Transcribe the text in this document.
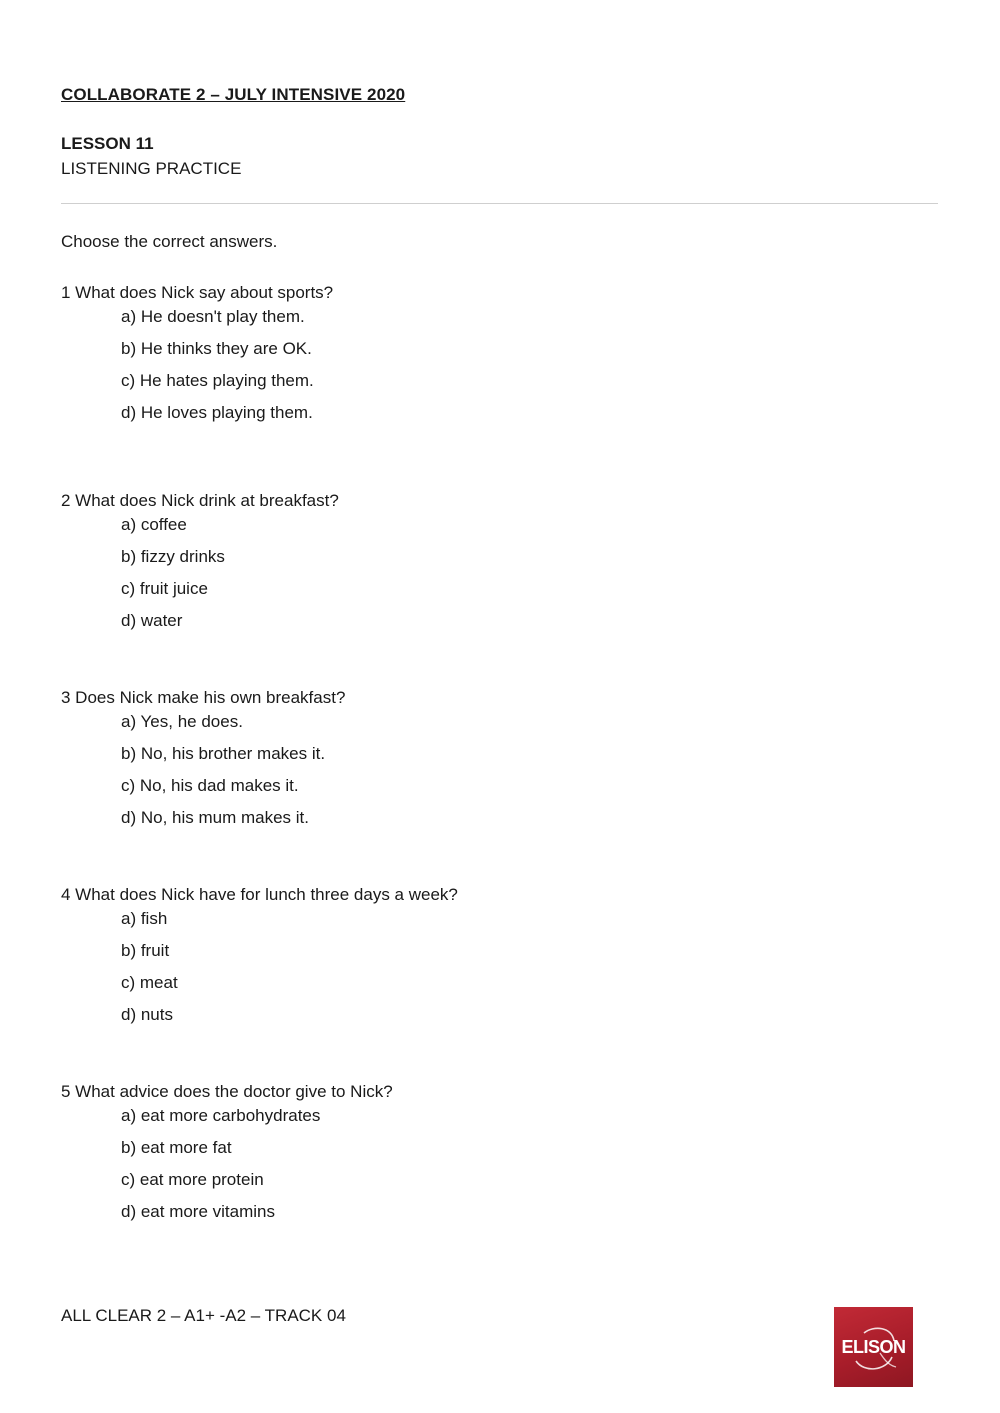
COLLABORATE 2 – JULY INTENSIVE 2020
LESSON 11
LISTENING PRACTICE
Choose the correct answers.
1 What does Nick say about sports?
a) He doesn't play them.
b) He thinks they are OK.
c) He hates playing them.
d) He loves playing them.
2 What does Nick drink at breakfast?
a) coffee
b) fizzy drinks
c) fruit juice
d) water
3 Does Nick make his own breakfast?
a) Yes, he does.
b) No, his brother makes it.
c) No, his dad makes it.
d) No, his mum makes it.
4 What does Nick have for lunch three days a week?
a) fish
b) fruit
c) meat
d) nuts
5 What advice does the doctor give to Nick?
a) eat more carbohydrates
b) eat more fat
c) eat more protein
d) eat more vitamins
ALL CLEAR 2 – A1+ -A2 – TRACK 04
ELISON
